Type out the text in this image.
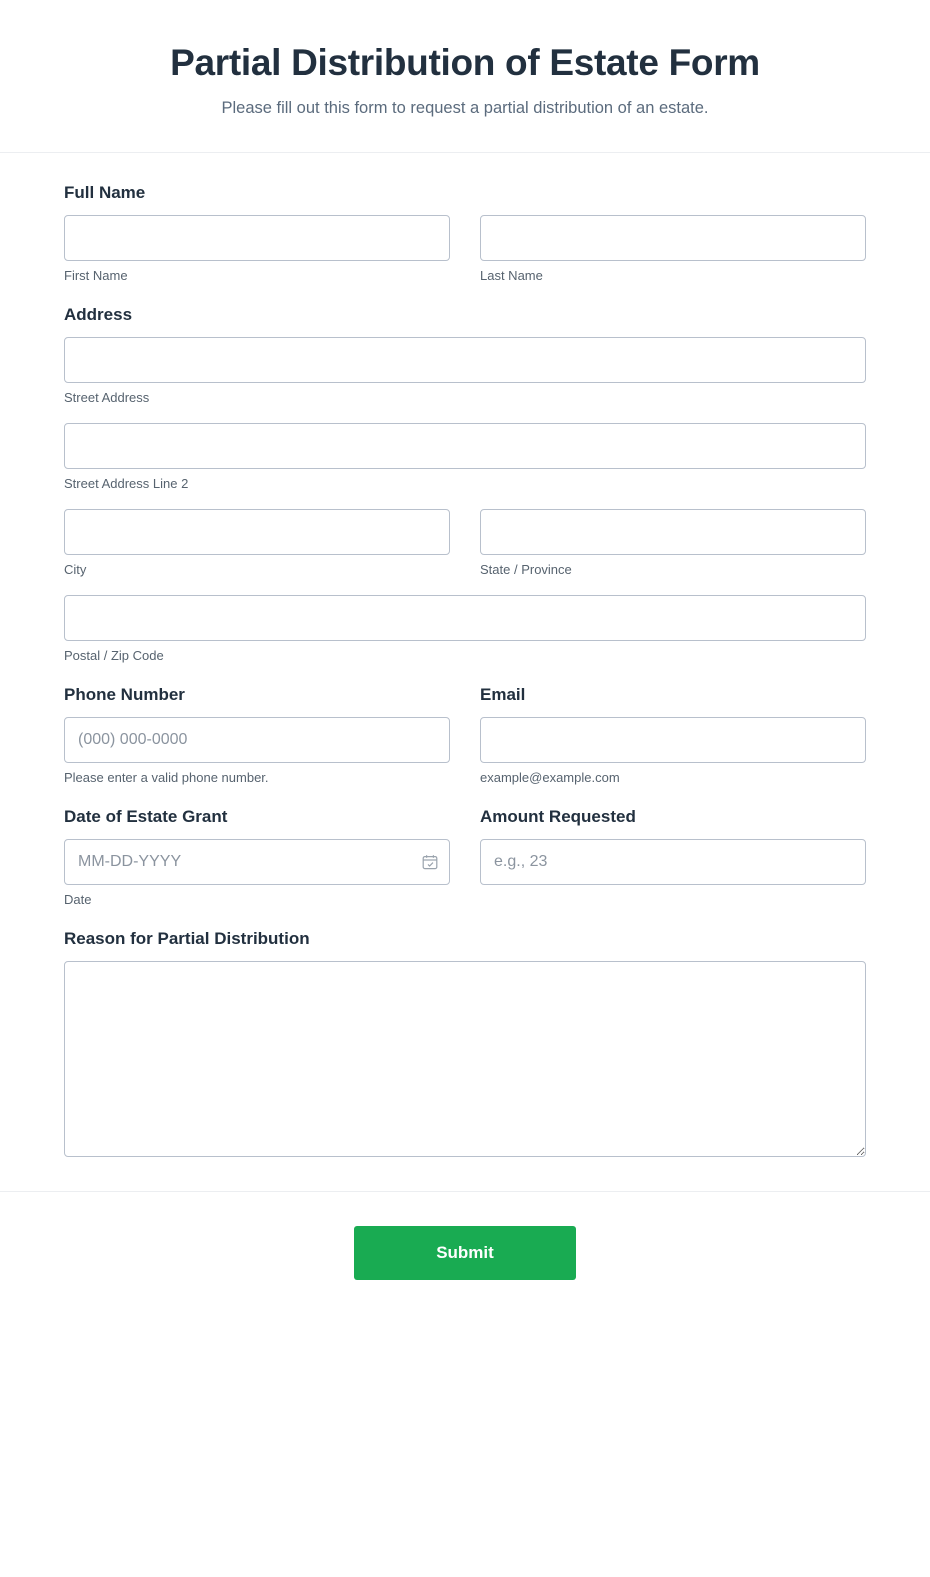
Partial Distribution of Estate Form

Please fill out this form to request a partial distribution of an estate.

Full Name
First Name	Last Name
Address
Street Address
Street Address Line 2
City	State / Province
Postal / Zip Code
Phone Number
(000) 000-0000
Please enter a valid phone number.
Email
example@example.com
Date of Estate Grant
MM-DD-YYYY
Date
Amount Requested
e.g., 23
Reason for Partial Distribution
Submit
